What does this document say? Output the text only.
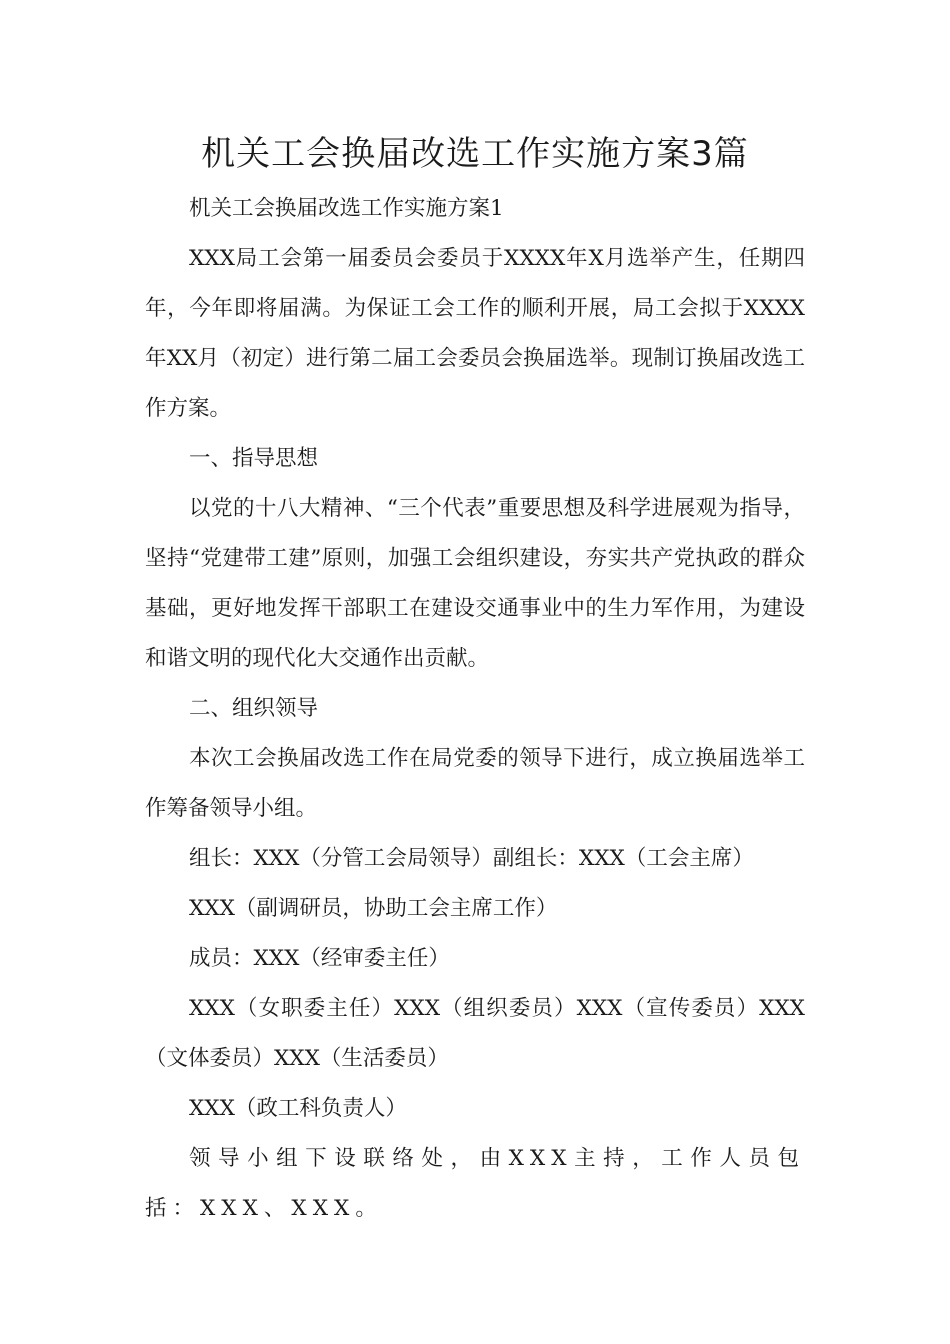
机关工会换届改选工作实施方案3篇

机关工会换届改选工作实施方案1

XXX局工会第一届委员会委员于XXXX年X月选举产生，任期四年，今年即将届满。为保证工会工作的顺利开展，局工会拟于XXXX年XX月（初定）进行第二届工会委员会换届选举。现制订换届改选工作方案。

一、指导思想

以党的十八大精神、“三个代表”重要思想及科学进展观为指导，坚持“党建带工建”原则，加强工会组织建设，夯实共产党执政的群众基础，更好地发挥干部职工在建设交通事业中的生力军作用，为建设和谐文明的现代化大交通作出贡献。

二、组织领导

本次工会换届改选工作在局党委的领导下进行，成立换届选举工作筹备领导小组。

组长：XXX（分管工会局领导）副组长：XXX（工会主席）

XXX（副调研员，协助工会主席工作）

成员：XXX（经审委主任）

XXX（女职委主任）XXX（组织委员）XXX（宣传委员）XXX（文体委员）XXX（生活委员）

XXX（政工科负责人）

领导小组下设联络处，由XXX主持，工作人员包括：XXX、XXX。
